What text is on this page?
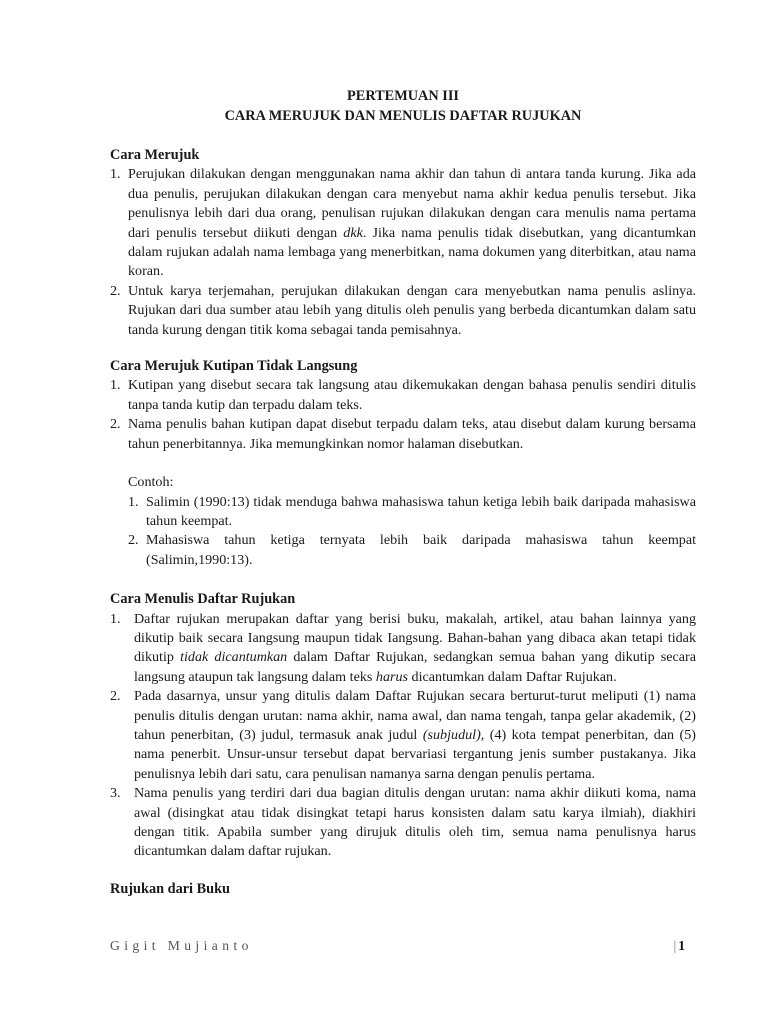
PERTEMUAN III

CARA MERUJUK DAN MENULIS DAFTAR RUJUKAN

Cara Merujuk

1. Perujukan dilakukan dengan menggunakan nama akhir dan tahun di antara tanda kurung. Jika ada dua penulis, perujukan dilakukan dengan cara menyebut nama akhir kedua penulis tersebut. Jika penulisnya lebih dari dua orang, penulisan rujukan dilakukan dengan cara menulis nama pertama dari penulis tersebut diikuti dengan dkk. Jika nama penulis tidak disebutkan, yang dicantumkan dalam rujukan adalah nama lembaga yang menerbitkan, nama dokumen yang diterbitkan, atau nama koran.
2. Untuk karya terjemahan, perujukan dilakukan dengan cara menyebutkan nama penulis aslinya. Rujukan dari dua sumber atau lebih yang ditulis oleh penulis yang berbeda dicantumkan dalam satu tanda kurung dengan titik koma sebagai tanda pemisahnya.

Cara Merujuk Kutipan Tidak Langsung

1. Kutipan yang disebut secara tak langsung atau dikemukakan dengan bahasa penulis sendiri ditulis tanpa tanda kutip dan terpadu dalam teks.
2. Nama penulis bahan kutipan dapat disebut terpadu dalam teks, atau disebut dalam kurung bersama tahun penerbitannya. Jika memungkinkan nomor halaman disebutkan.

Contoh:

1. Salimin (1990:13) tidak menduga bahwa mahasiswa tahun ketiga lebih baik daripada mahasiswa tahun keempat.
2. Mahasiswa tahun ketiga ternyata lebih baik daripada mahasiswa tahun keempat (Salimin,1990:13).

Cara Menulis Daftar Rujukan

1. Daftar rujukan merupakan daftar yang berisi buku, makalah, artikel, atau bahan lainnya yang dikutip baik secara Iangsung maupun tidak Iangsung. Bahan-bahan yang dibaca akan tetapi tidak dikutip tidak dicantumkan dalam Daftar Rujukan, sedangkan semua bahan yang dikutip secara langsung ataupun tak langsung dalam teks harus dicantumkan dalam Daftar Rujukan.
2. Pada dasarnya, unsur yang ditulis dalam Daftar Rujukan secara berturut-turut meliputi (1) nama penulis ditulis dengan urutan: nama akhir, nama awal, dan nama tengah, tanpa gelar akademik, (2) tahun penerbitan, (3) judul, termasuk anak judul (subjudul), (4) kota tempat penerbitan, dan (5) nama penerbit. Unsur-unsur tersebut dapat bervariasi tergantung jenis sumber pustakanya. Jika penulisnya lebih dari satu, cara penulisan namanya sarna dengan penulis pertama.
3. Nama penulis yang terdiri dari dua bagian ditulis dengan urutan: nama akhir diikuti koma, nama awal (disingkat atau tidak disingkat tetapi harus konsisten dalam satu karya ilmiah), diakhiri dengan titik. Apabila sumber yang dirujuk ditulis oleh tim, semua nama penulisnya harus dicantumkan dalam daftar rujukan.

Rujukan dari Buku

Gigit Mujianto	| 1
